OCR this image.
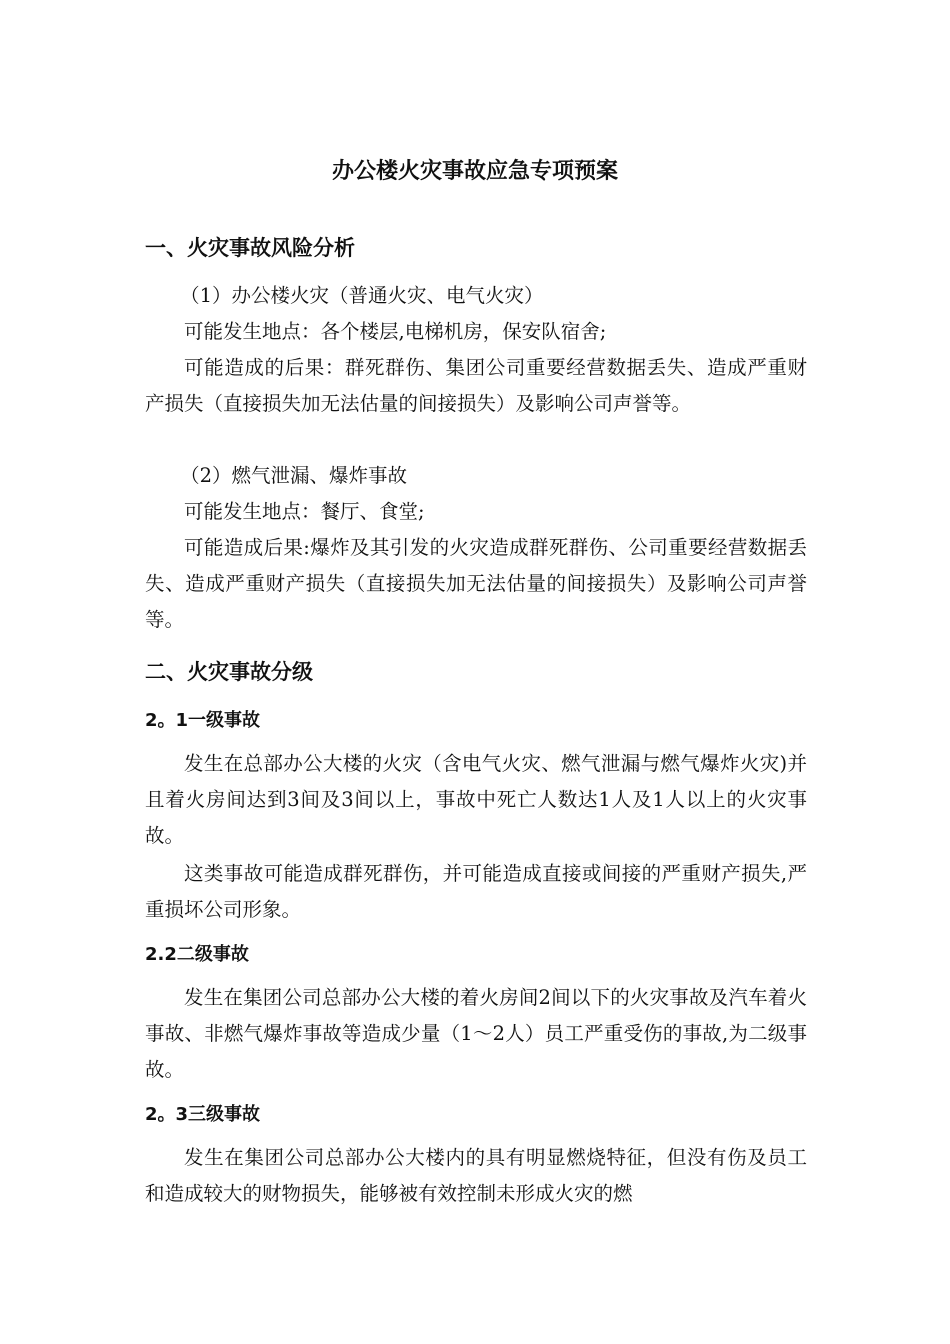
办公楼火灾事故应急专项预案
一、火灾事故风险分析
（1）办公楼火灾（普通火灾、电气火灾）
可能发生地点：各个楼层,电梯机房，保安队宿舍;
可能造成的后果：群死群伤、集团公司重要经营数据丢失、造成严重财产损失（直接损失加无法估量的间接损失）及影响公司声誉等。
（2）燃气泄漏、爆炸事故
可能发生地点：餐厅、食堂;
可能造成后果:爆炸及其引发的火灾造成群死群伤、公司重要经营数据丢失、造成严重财产损失（直接损失加无法估量的间接损失）及影响公司声誉等。
二、火灾事故分级
2。1一级事故
发生在总部办公大楼的火灾（含电气火灾、燃气泄漏与燃气爆炸火灾)并且着火房间达到3间及3间以上，事故中死亡人数达1人及1人以上的火灾事故。
这类事故可能造成群死群伤，并可能造成直接或间接的严重财产损失,严重损坏公司形象。
2.2二级事故
发生在集团公司总部办公大楼的着火房间2间以下的火灾事故及汽车着火事故、非燃气爆炸事故等造成少量（1～2人）员工严重受伤的事故,为二级事故。
2。3三级事故
发生在集团公司总部办公大楼内的具有明显燃烧特征，但没有伤及员工和造成较大的财物损失，能够被有效控制未形成火灾的燃
